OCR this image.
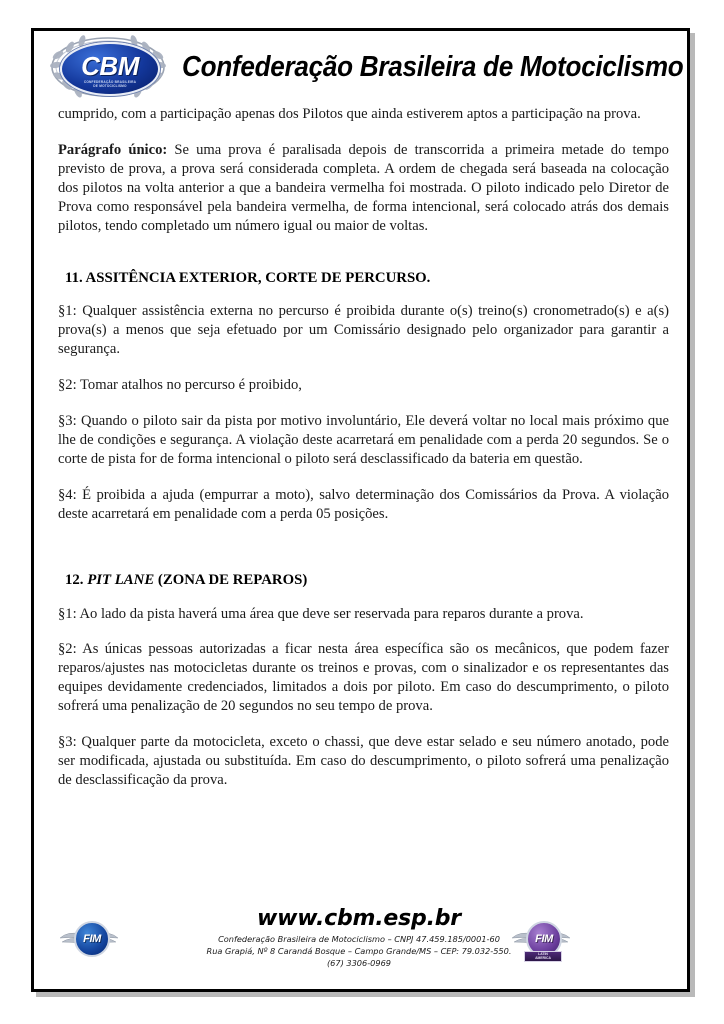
CBM
CONFEDERAÇÃO BRASILEIRA
DE MOTOCICLISMO
Confederação Brasileira de Motociclismo

cumprido, com a participação apenas dos Pilotos que ainda estiverem aptos a participação na prova.

Parágrafo único: Se uma prova é paralisada depois de transcorrida a primeira metade do tempo previsto de prova, a prova será considerada completa. A ordem de chegada será baseada na colocação dos pilotos na volta anterior a que a bandeira vermelha foi mostrada. O piloto indicado pelo Diretor de Prova como responsável pela bandeira vermelha, de forma intencional, será colocado atrás dos demais pilotos, tendo completado um número igual ou maior de voltas.

11. ASSITÊNCIA EXTERIOR, CORTE DE PERCURSO.

§1: Qualquer assistência externa no percurso é proibida durante o(s) treino(s) cronometrado(s) e a(s) prova(s) a menos que seja efetuado por um Comissário designado pelo organizador para garantir a segurança.

§2: Tomar atalhos no percurso é proibido,

§3: Quando o piloto sair da pista por motivo involuntário, Ele deverá voltar no local mais próximo que lhe de condições e segurança. A violação deste acarretará em penalidade com a perda 20 segundos. Se o corte de pista for de forma intencional o piloto será desclassificado da bateria em questão.

§4: É proibida a ajuda (empurrar a moto), salvo determinação dos Comissários da Prova. A violação deste acarretará em penalidade com a perda 05 posições.

12. PIT LANE (ZONA DE REPAROS)

§1: Ao lado da pista haverá uma área que deve ser reservada para reparos durante a prova.

§2: As únicas pessoas autorizadas a ficar nesta área específica são os mecânicos, que podem fazer reparos/ajustes nas motocicletas durante os treinos e provas, com o sinalizador e os representantes das equipes devidamente credenciados, limitados a dois por piloto. Em caso do descumprimento, o piloto sofrerá uma penalização de 20 segundos no seu tempo de prova.

§3: Qualquer parte da motocicleta, exceto o chassi, que deve estar selado e seu número anotado, pode ser modificada, ajustada ou substituída. Em caso do descumprimento, o piloto sofrerá uma penalização de desclassificação da prova.

FIM
www.cbm.esp.br
Confederação Brasileira de Motociclismo – CNPJ 47.459.185/0001-60
Rua Grapiá, Nº 8 Carandá Bosque – Campo Grande/MS – CEP: 79.032-550.
(67) 3306-0969
FIM
LATIN
AMERICA
